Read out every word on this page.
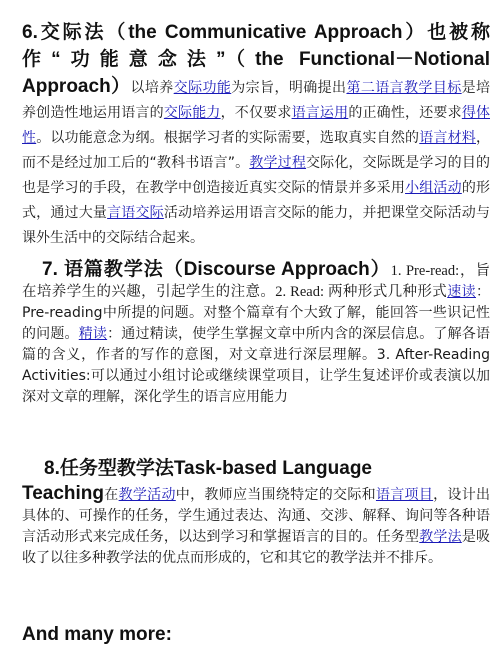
6.交际法（the Communicative Approach）也被称作“功能意念法”（the Functional－Notional Approach）以培养交际功能为宗旨，明确提出第二语言教学目标是培养创造性地运用语言的交际能力，不仅要求语言运用的正确性，还要求得体性。以功能意念为纲。根据学习者的实际需要，选取真实自然的语言材料，而不是经过加工后的“教科书语言”。教学过程交际化，交际既是学习的目的也是学习的手段，在教学中创造接近真实交际的情景并多采用小组活动的形式，通过大量言语交际活动培养运用语言交际的能力，并把课堂交际活动与课外生活中的交际结合起来。
7. 语篇教学法（Discourse Approach）1. Pre-read:，旨在培养学生的兴趣，引起学生的注意。2. Read: 两种形式几种形式速读：Pre-reading中所提的问题。对整个篇章有个大致了解，能回答一些识记性的问题。精读：通过精读，使学生掌握文章中所内含的深层信息。了解各语篇的含义，作者的写作的意图，对文章进行深层理解。3. After-Reading Activities:可以通过小组讨论或继续课堂项目，让学生复述评价或表演以加深对文章的理解，深化学生的语言应用能力
8.任务型教学法Task-based Language
Teaching在教学活动中，教师应当围绕特定的交际和语言项目，设计出具体的、可操作的任务，学生通过表达、沟通、交涉、解释、询问等各种语言活动形式来完成任务，以达到学习和掌握语言的目的。任务型教学法是吸收了以往多种教学法的优点而形成的，它和其它的教学法并不排斥。
And many more:
